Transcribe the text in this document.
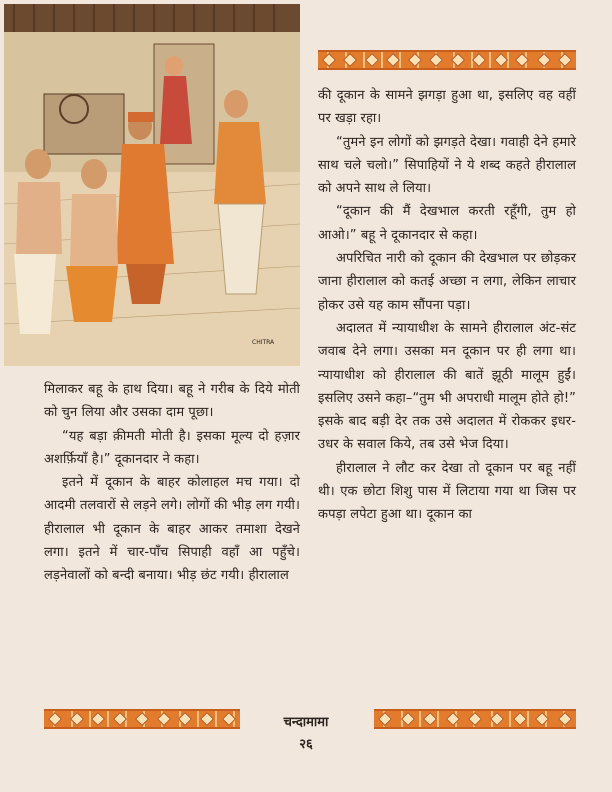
CHITRA

की दूकान के सामने झगड़ा हुआ था, इसलिए वह वहीं पर खड़ा रहा।

“तुमने इन लोगों को झगड़ते देखा। गवाही देने हमारे साथ चले चलो।” सिपाहियों ने ये शब्द कहते हीरालाल को अपने साथ ले लिया।

“दूकान की मैं देखभाल करती रहूँगी, तुम हो आओ।” बहू ने दूकानदार से कहा।

अपरिचित नारी को दूकान की देखभाल पर छोड़कर जाना हीरालाल को कतई अच्छा न लगा, लेकिन लाचार होकर उसे यह काम सौंपना पड़ा।

अदालत में न्यायाधीश के सामने हीरालाल अंट-संट जवाब देने लगा। उसका मन दूकान पर ही लगा था। न्यायाधीश को हीरालाल की बातें झूठी मालूम हुईं। इसलिए उसने कहा–“तुम भी अपराधी मालूम होते हो!” इसके बाद बड़ी देर तक उसे अदालत में रोककर इधर-उधर के सवाल किये, तब उसे भेज दिया।

हीरालाल ने लौट कर देखा तो दूकान पर बहू नहीं थी। एक छोटा शिशु पास में लिटाया गया था जिस पर कपड़ा लपेटा हुआ था। दूकान का

मिलाकर बहू के हाथ दिया। बहू ने गरीब के दिये मोती को चुन लिया और उसका दाम पूछा।

“यह बड़ा क़ीमती मोती है। इसका मूल्य दो हज़ार अशर्फ़ियाँ है।” दूकानदार ने कहा।

इतने में दूकान के बाहर कोलाहल मच गया। दो आदमी तलवारों से लड़ने लगे। लोगों की भीड़ लग गयी। हीरालाल भी दूकान के बाहर आकर तमाशा देखने लगा। इतने में चार-पाँच सिपाही वहाँ आ पहुँचे। लड़नेवालों को बन्दी बनाया। भीड़ छंट गयी। हीरालाल

चन्दामामा
२६
